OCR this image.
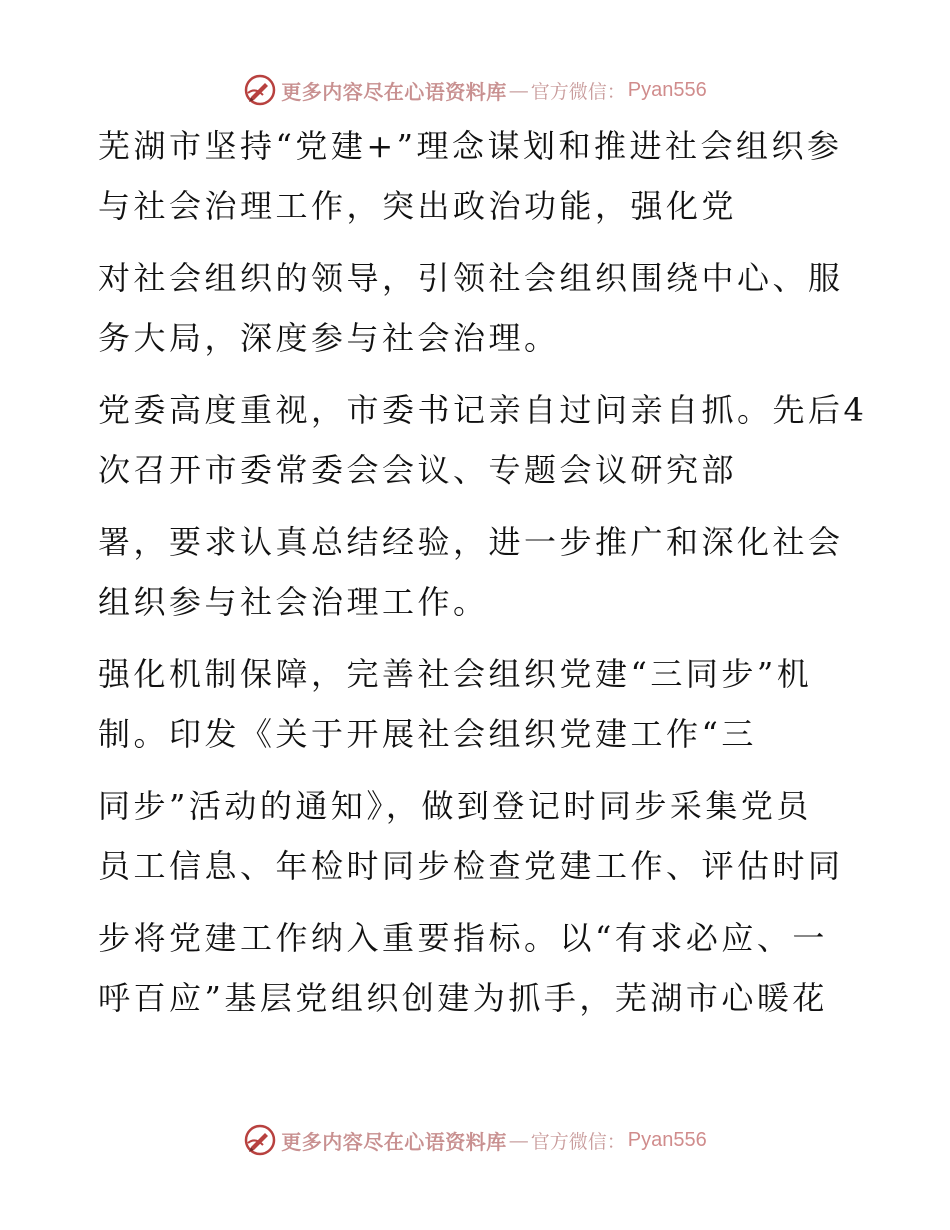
更多内容尽在心语资料库 — 官方微信： Pyan556

芜湖市坚持“党建+”理念谋划和推进社会组织参

与社会治理工作，突出政治功能，强化党

对社会组织的领导，引领社会组织围绕中心、服

务大局，深度参与社会治理。

党委高度重视，市委书记亲自过问亲自抓。先后4

次召开市委常委会会议、专题会议研究部

署，要求认真总结经验，进一步推广和深化社会

组织参与社会治理工作。

强化机制保障，完善社会组织党建“三同步”机

制。印发《关于开展社会组织党建工作“三

同步”活动的通知》，做到登记时同步采集党员

员工信息、年检时同步检查党建工作、评估时同

步将党建工作纳入重要指标。以“有求必应、一

呼百应”基层党组织创建为抓手，芜湖市心暖花

更多内容尽在心语资料库 — 官方微信： Pyan556
